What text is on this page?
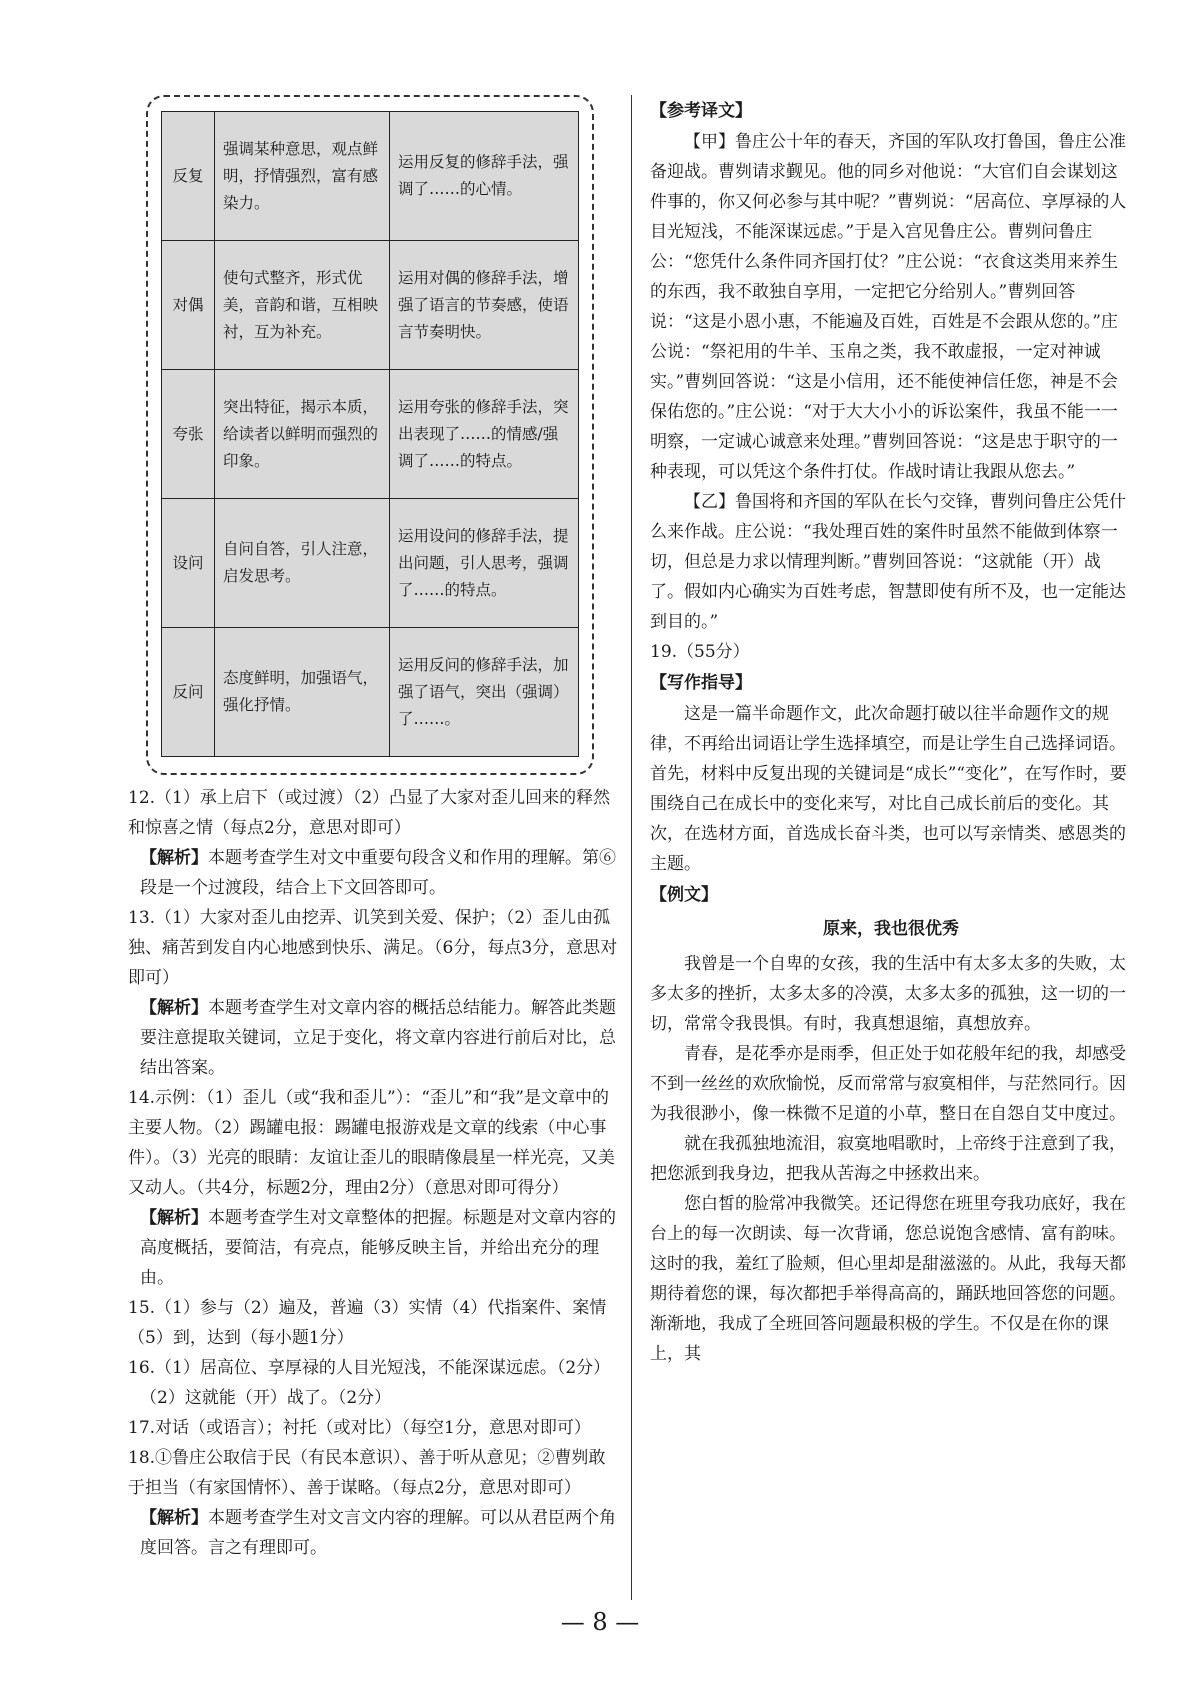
反复	强调某种意思，观点鲜明，抒情强烈，富有感染力。	运用反复的修辞手法，强调了……的心情。
对偶	使句式整齐，形式优美，音韵和谐，互相映衬，互为补充。	运用对偶的修辞手法，增强了语言的节奏感，使语言节奏明快。
夸张	突出特征，揭示本质，给读者以鲜明而强烈的印象。	运用夸张的修辞手法，突出表现了……的情感/强调了……的特点。
设问	自问自答，引人注意，启发思考。	运用设问的修辞手法，提出问题，引人思考，强调了……的特点。
反问	态度鲜明，加强语气，强化抒情。	运用反问的修辞手法，加强了语气，突出（强调）了……。

12.（1）承上启下（或过渡）（2）凸显了大家对歪儿回来的释然和惊喜之情（每点2分，意思对即可）

【解析】本题考查学生对文中重要句段含义和作用的理解。第⑥段是一个过渡段，结合上下文回答即可。

13.（1）大家对歪儿由挖弄、讥笑到关爱、保护；（2）歪儿由孤独、痛苦到发自内心地感到快乐、满足。（6分，每点3分，意思对即可）

【解析】本题考查学生对文章内容的概括总结能力。解答此类题要注意提取关键词，立足于变化，将文章内容进行前后对比，总结出答案。

14.示例：（1）歪儿（或“我和歪儿”）：“歪儿”和“我”是文章中的主要人物。（2）踢罐电报：踢罐电报游戏是文章的线索（中心事件）。（3）光亮的眼睛：友谊让歪儿的眼睛像晨星一样光亮，又美又动人。（共4分，标题2分，理由2分）（意思对即可得分）

【解析】本题考查学生对文章整体的把握。标题是对文章内容的高度概括，要简洁，有亮点，能够反映主旨，并给出充分的理由。

15.（1）参与（2）遍及，普遍（3）实情（4）代指案件、案情（5）到，达到（每小题1分）

16.（1）居高位、享厚禄的人目光短浅，不能深谋远虑。（2分）

（2）这就能（开）战了。（2分）

17.对话（或语言）；衬托（或对比）（每空1分，意思对即可）

18.①鲁庄公取信于民（有民本意识）、善于听从意见；②曹刿敢于担当（有家国情怀）、善于谋略。（每点2分，意思对即可）

【解析】本题考查学生对文言文内容的理解。可以从君臣两个角度回答。言之有理即可。

【参考译文】

【甲】鲁庄公十年的春天，齐国的军队攻打鲁国，鲁庄公准备迎战。曹刿请求觐见。他的同乡对他说：“大官们自会谋划这件事的，你又何必参与其中呢？”曹刿说：“居高位、享厚禄的人目光短浅，不能深谋远虑。”于是入宫见鲁庄公。曹刿问鲁庄公：“您凭什么条件同齐国打仗？”庄公说：“衣食这类用来养生的东西，我不敢独自享用，一定把它分给别人。”曹刿回答说：“这是小恩小惠，不能遍及百姓，百姓是不会跟从您的。”庄公说：“祭祀用的牛羊、玉帛之类，我不敢虚报，一定对神诚实。”曹刿回答说：“这是小信用，还不能使神信任您，神是不会保佑您的。”庄公说：“对于大大小小的诉讼案件，我虽不能一一明察，一定诚心诚意来处理。”曹刿回答说：“这是忠于职守的一种表现，可以凭这个条件打仗。作战时请让我跟从您去。”

【乙】鲁国将和齐国的军队在长勺交锋，曹刿问鲁庄公凭什么来作战。庄公说：“我处理百姓的案件时虽然不能做到体察一切，但总是力求以情理判断。”曹刿回答说：“这就能（开）战了。假如内心确实为百姓考虑，智慧即使有所不及，也一定能达到目的。”

19.（55分）

【写作指导】

这是一篇半命题作文，此次命题打破以往半命题作文的规律，不再给出词语让学生选择填空，而是让学生自己选择词语。首先，材料中反复出现的关键词是“成长”“变化”，在写作时，要围绕自己在成长中的变化来写，对比自己成长前后的变化。其次，在选材方面，首选成长奋斗类，也可以写亲情类、感恩类的主题。

【例文】

原来，我也很优秀

我曾是一个自卑的女孩，我的生活中有太多太多的失败，太多太多的挫折，太多太多的冷漠，太多太多的孤独，这一切的一切，常常令我畏惧。有时，我真想退缩，真想放弃。

青春，是花季亦是雨季，但正处于如花般年纪的我，却感受不到一丝丝的欢欣愉悦，反而常常与寂寞相伴，与茫然同行。因为我很渺小，像一株微不足道的小草，整日在自怨自艾中度过。

就在我孤独地流泪，寂寞地唱歌时，上帝终于注意到了我，把您派到我身边，把我从苦海之中拯救出来。

您白皙的脸常冲我微笑。还记得您在班里夸我功底好，我在台上的每一次朗读、每一次背诵，您总说饱含感情、富有韵味。这时的我，羞红了脸颊，但心里却是甜滋滋的。从此，我每天都期待着您的课，每次都把手举得高高的，踊跃地回答您的问题。渐渐地，我成了全班回答问题最积极的学生。不仅是在你的课上，其

— 8 —
